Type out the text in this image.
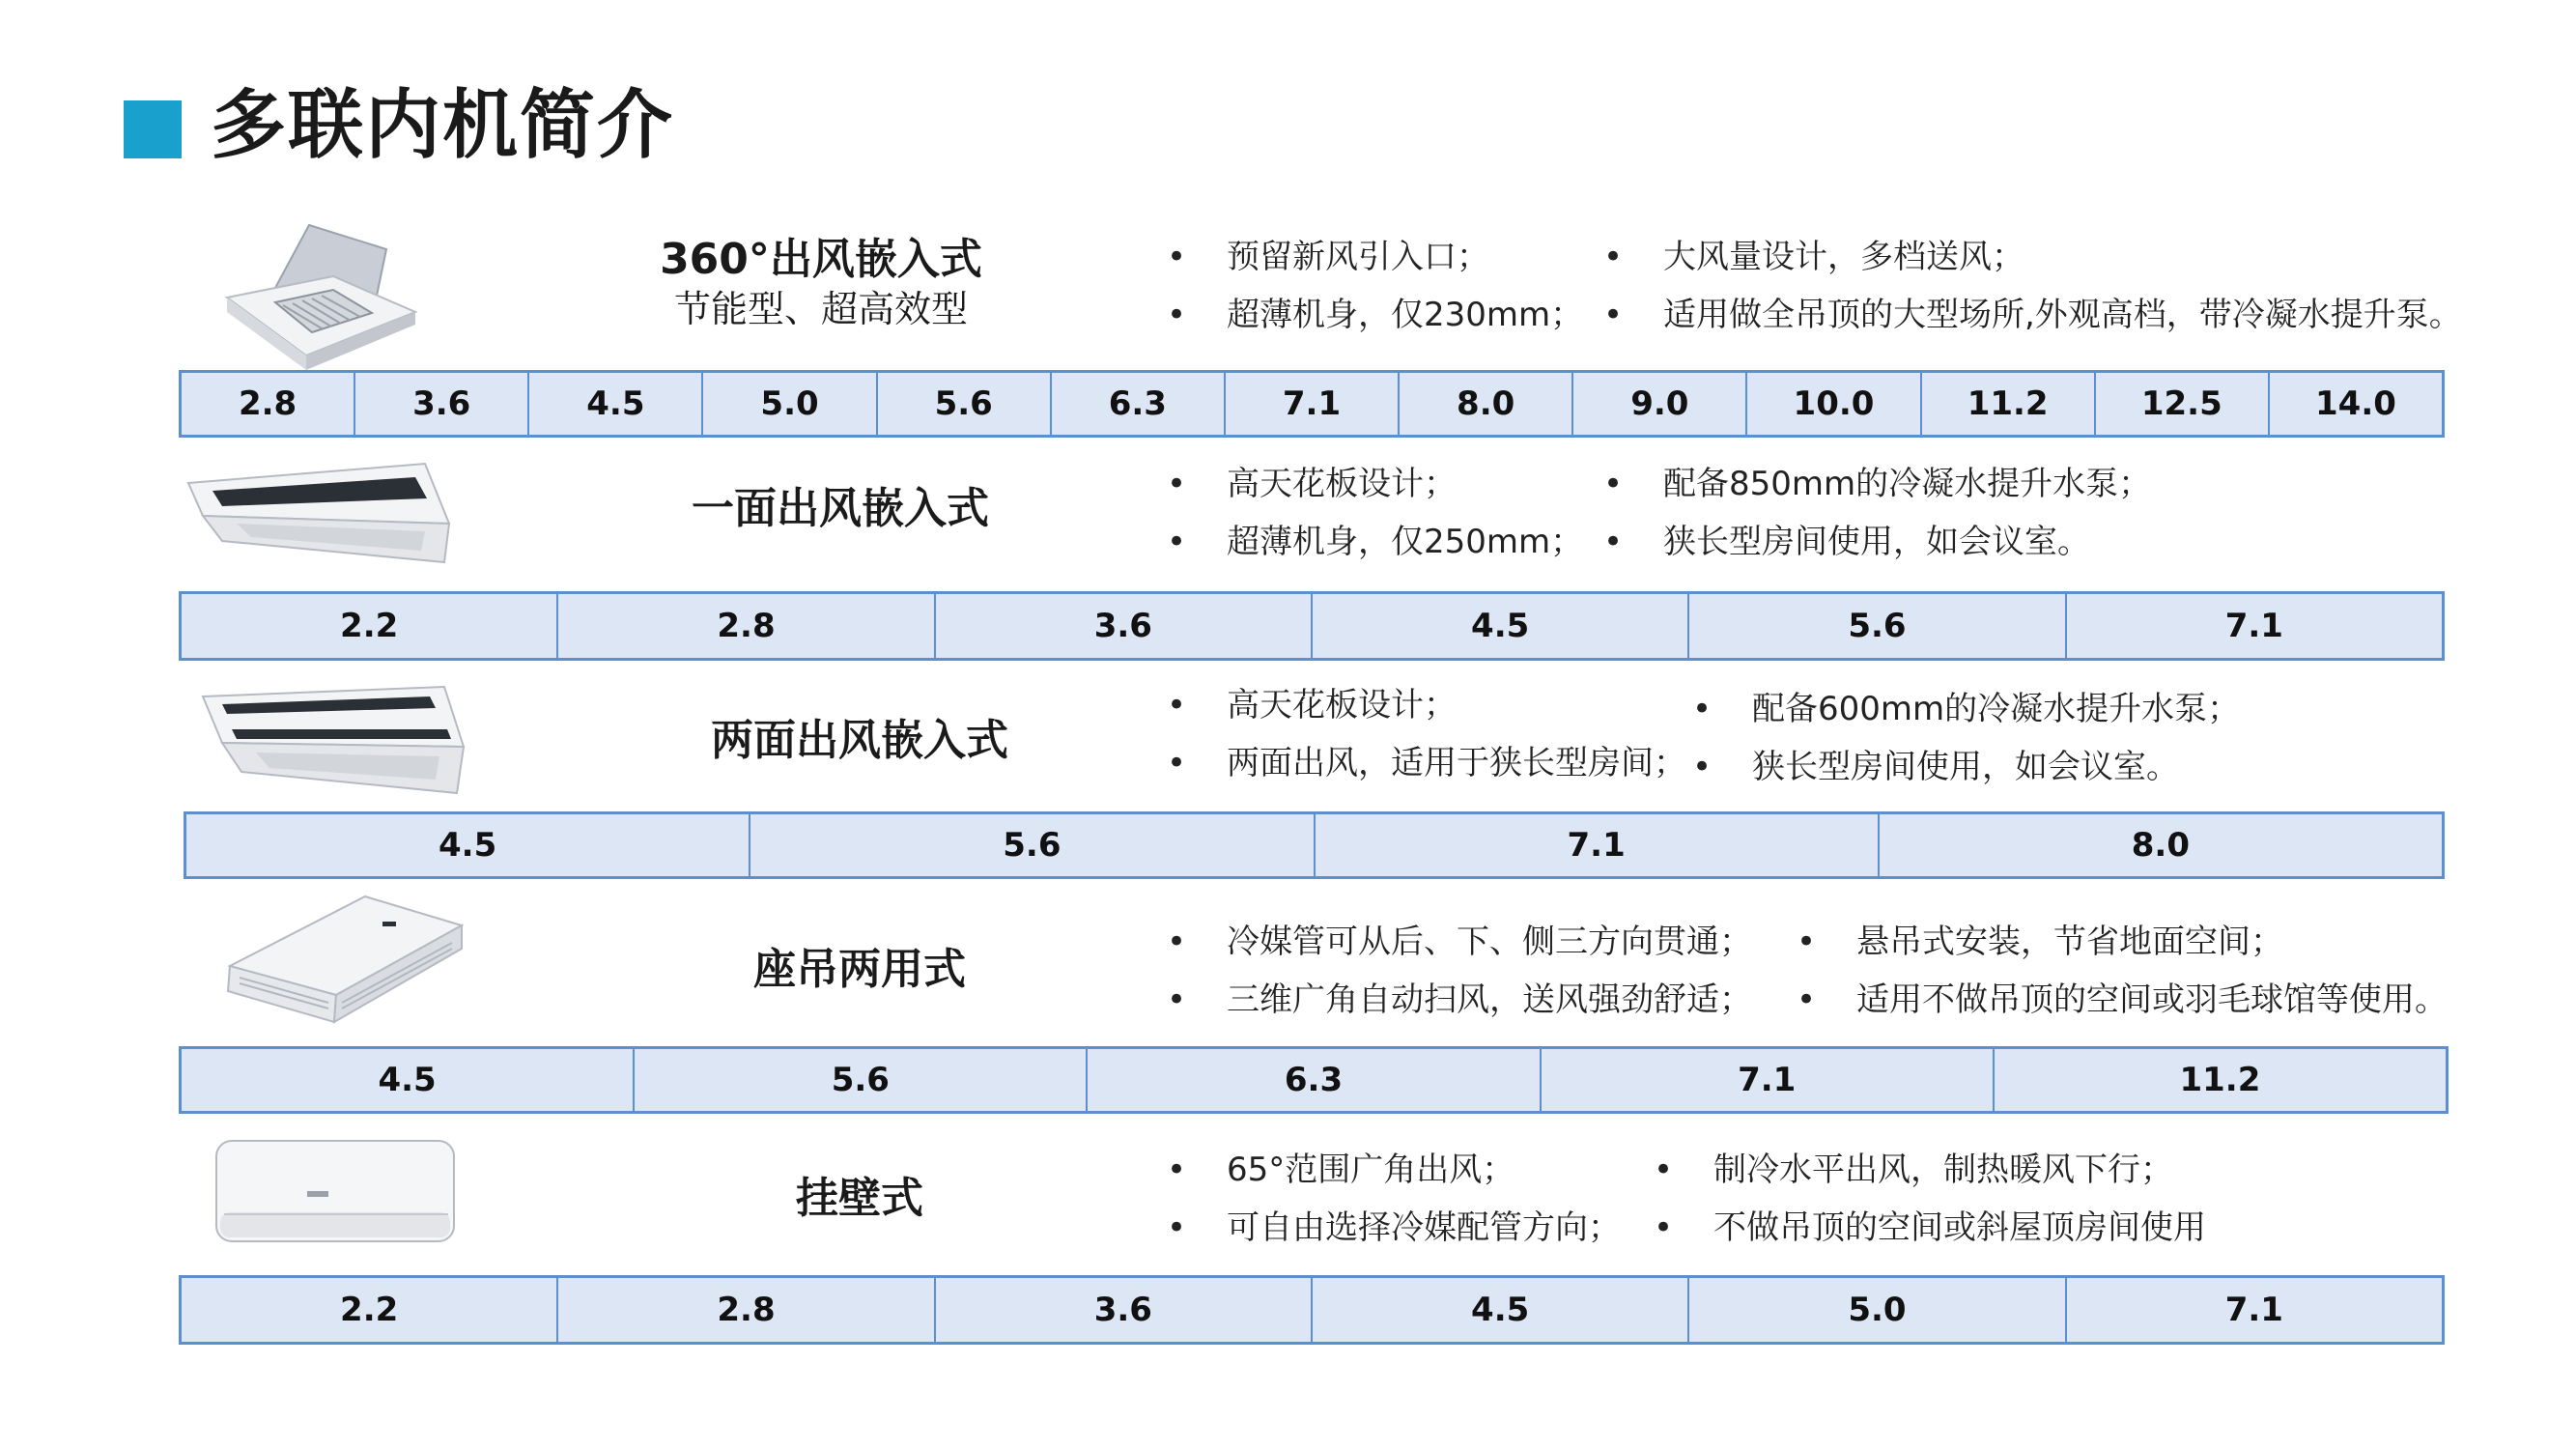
多联内机简介
360°出风嵌入式
节能型、超高效型
• 预留新风引入口；	• 大风量设计，多档送风；
• 超薄机身，仅230mm； • 适用做全吊顶的大型场所,外观高档，带冷凝水提升泵。
2.8	3.6	4.5	5.0	5.6	6.3	7.1	8.0	9.0	10.0	11.2	12.5	14.0
一面出风嵌入式	• 高天花板设计；	• 配备850mm的冷凝水提升水泵；
• 超薄机身，仅250mm； • 狭长型房间使用，如会议室。
2.2	2.8	3.6	4.5	5.6	7.1
两面出风嵌入式
• 高天花板设计；	• 配备600mm的冷凝水提升水泵；
• 两面出风，适用于狭长型房间； • 狭长型房间使用，如会议室。
4.5	5.6	7.1	8.0
座吊两用式
• 冷媒管可从后、下、侧三方向贯通； • 悬吊式安装，节省地面空间；
• 三维广角自动扫风，送风强劲舒适； • 适用不做吊顶的空间或羽毛球馆等使用。
4.5	5.6	6.3	7.1	11.2
挂壁式
• 65°范围广角出风；	• 制冷水平出风，制热暖风下行；
• 可自由选择冷媒配管方向； • 不做吊顶的空间或斜屋顶房间使用
2.2	2.8	3.6	4.5	5.0	7.1
